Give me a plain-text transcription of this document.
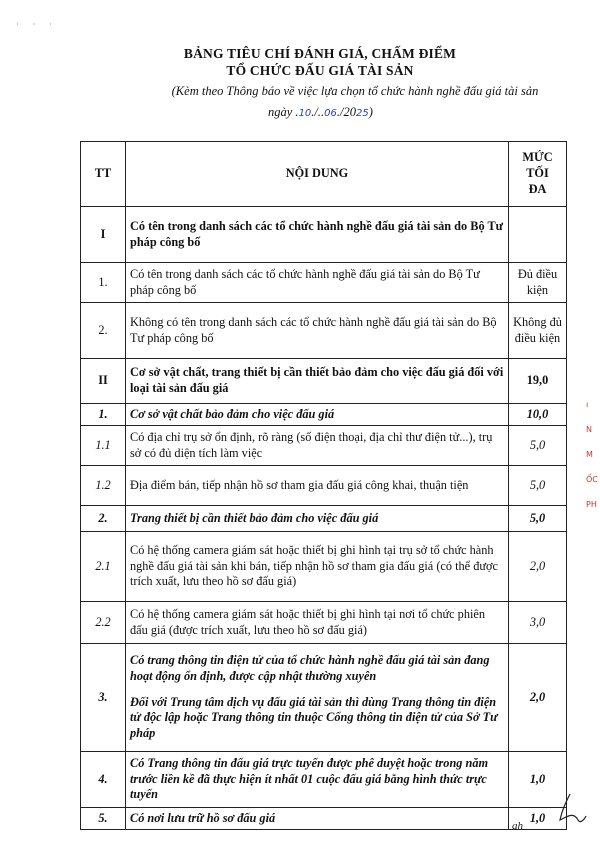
· · ·
BẢNG TIÊU CHÍ ĐÁNH GIÁ, CHẤM ĐIỂM
TỔ CHỨC ĐẤU GIÁ TÀI SẢN
(Kèm theo Thông báo về việc lựa chọn tổ chức hành nghề đấu giá tài sản
ngày .10./..06./2025)
TT	NỘI DUNG	MỨC
TỐI
ĐA
I	Có tên trong danh sách các tổ chức hành nghề đấu giá tài sản do Bộ Tư pháp công bố	
1.	Có tên trong danh sách các tổ chức hành nghề đấu giá tài sản do Bộ Tư pháp công bố	Đủ điều kiện
2.	Không có tên trong danh sách các tổ chức hành nghề đấu giá tài sản do Bộ Tư pháp công bố	Không đủ điều kiện
II	Cơ sở vật chất, trang thiết bị cần thiết bảo đảm cho việc đấu giá đối với loại tài sản đấu giá	19,0
1.	Cơ sở vật chất bảo đảm cho việc đấu giá	10,0
1.1	Có địa chỉ trụ sở ổn định, rõ ràng (số điện thoại, địa chỉ thư điện tử...), trụ sở có đủ diện tích làm việc	5,0
1.2	Địa điểm bán, tiếp nhận hồ sơ tham gia đấu giá công khai, thuận tiện	5,0
2.	Trang thiết bị cần thiết bảo đảm cho việc đấu giá	5,0
2.1	Có hệ thống camera giám sát hoặc thiết bị ghi hình tại trụ sở tổ chức hành nghề đấu giá tài sản khi bán, tiếp nhận hồ sơ tham gia đấu giá (có thể được trích xuất, lưu theo hồ sơ đấu giá)	2,0
2.2	Có hệ thống camera giám sát hoặc thiết bị ghi hình tại nơi tổ chức phiên đấu giá (được trích xuất, lưu theo hồ sơ đấu giá)	3,0
3.	Có trang thông tin điện tử của tổ chức hành nghề đấu giá tài sản đang hoạt động ổn định, được cập nhật thường xuyên
Đối với Trung tâm dịch vụ đấu giá tài sản thì dùng Trang thông tin điện tử độc lập hoặc Trang thông tin thuộc Cổng thông tin điện tử của Sở Tư pháp	2,0
4.	Có Trang thông tin đấu giá trực tuyến được phê duyệt hoặc trong năm trước liền kề đã thực hiện ít nhất 01 cuộc đấu giá bằng hình thức trực tuyến	1,0
5.	Có nơi lưu trữ hồ sơ đấu giá	1,0
ı
N
M
ỐC
PH
ah
